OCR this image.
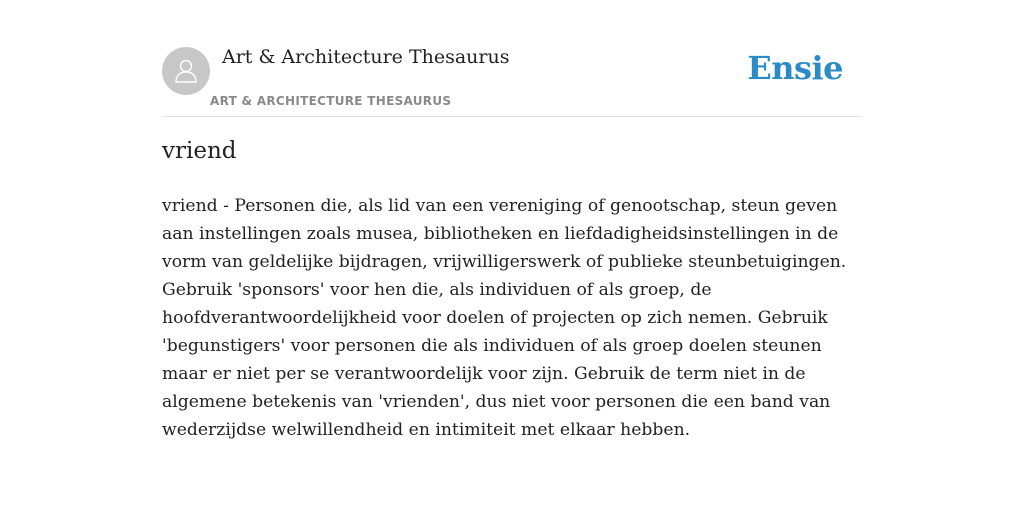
Art & Architecture Thesaurus
ART & ARCHITECTURE THESAURUS
Ensie
vriend

vriend - Personen die, als lid van een vereniging of genootschap, steun geven aan instellingen zoals musea, bibliotheken en liefdadigheidsinstellingen in de vorm van geldelijke bijdragen, vrijwilligerswerk of publieke steunbetuigingen. Gebruik 'sponsors' voor hen die, als individuen of als groep, de hoofdverantwoordelijkheid voor doelen of projecten op zich nemen. Gebruik 'begunstigers' voor personen die als individuen of als groep doelen steunen maar er niet per se verantwoordelijk voor zijn. Gebruik de term niet in de algemene betekenis van 'vrienden', dus niet voor personen die een band van wederzijdse welwillendheid en intimiteit met elkaar hebben.
